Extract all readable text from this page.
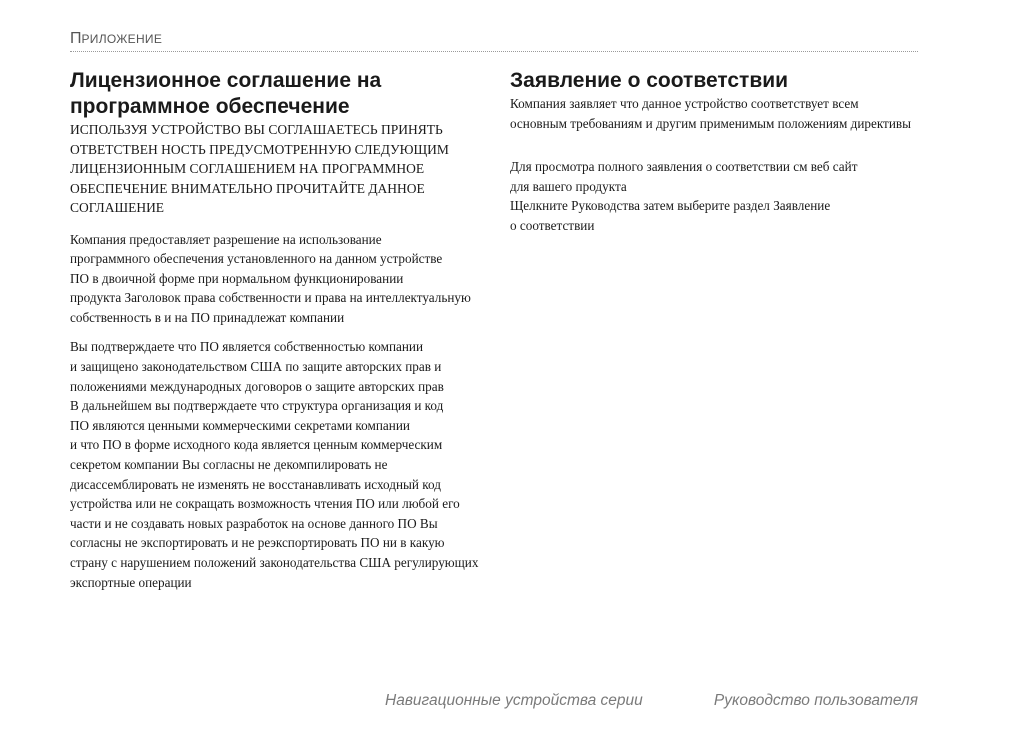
ПРИЛОЖЕНИЕ
Лицензионное соглашение на
программное обеспечение
ИСПОЛЬЗУЯ УСТРОЙСТВО ВЫ СОГЛАШАЕТЕСЬ ПРИНЯТЬ
ОТВЕТСТВЕН НОСТЬ ПРЕДУСМОТРЕННУЮ СЛЕДУЮЩИМ
ЛИЦЕНЗИОННЫМ СОГЛАШЕНИЕМ НА ПРОГРАММНОЕ
ОБЕСПЕЧЕНИЕ ВНИМАТЕЛЬНО ПРОЧИТАЙТЕ ДАННОЕ
СОГЛАШЕНИЕ
Компания предоставляет разрешение на использование
программного обеспечения установленного на данном устройстве
ПО в двоичной форме при нормальном функционировании
продукта Заголовок права собственности и права на интеллектуальную
собственность в и на ПО принадлежат компании
Вы подтверждаете что ПО является собственностью компании
и защищено законодательством США по защите авторских прав и
положениями международных договоров о защите авторских прав
В дальнейшем вы подтверждаете что структура организация и код
ПО являются ценными коммерческими секретами компании
и что ПО в форме исходного кода является ценным коммерческим
секретом компании Вы согласны не декомпилировать не
дисассемблировать не изменять не восстанавливать исходный код
устройства или не сокращать возможность чтения ПО или любой его
части и не создавать новых разработок на основе данного ПО Вы
согласны не экспортировать и не реэкспортировать ПО ни в какую
страну с нарушением положений законодательства США регулирующих
экспортные операции
Заявление о соответствии
Компания заявляет что данное устройство соответствует всем
основным требованиям и другим применимым положениям директивы
Для просмотра полного заявления о соответствии см веб сайт
для вашего продукта
Щелкните Руководства затем выберите раздел Заявление
о соответствии
Навигационные устройства серии	Руководство пользователя
